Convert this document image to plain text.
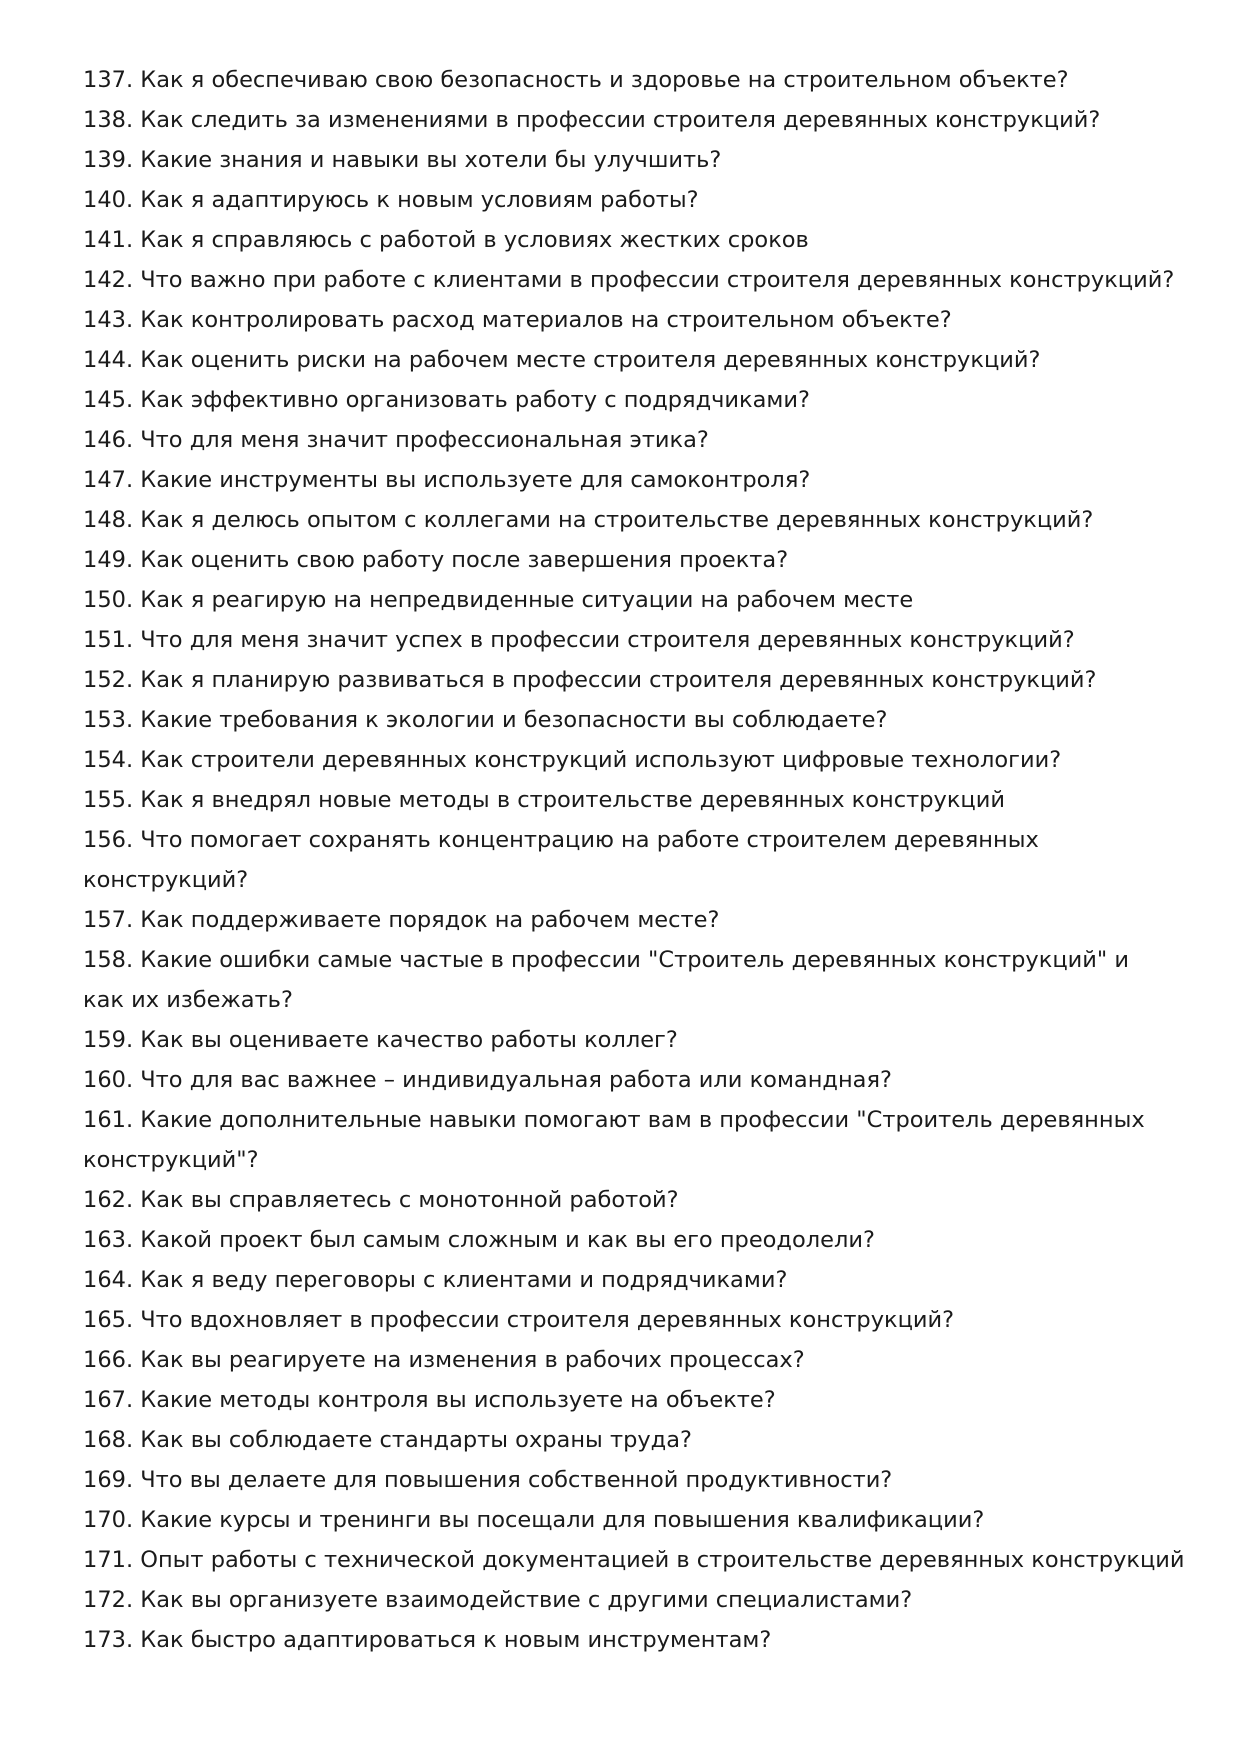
137. Как я обеспечиваю свою безопасность и здоровье на строительном объекте?
138. Как следить за изменениями в профессии строителя деревянных конструкций?
139. Какие знания и навыки вы хотели бы улучшить?
140. Как я адаптируюсь к новым условиям работы?
141. Как я справляюсь с работой в условиях жестких сроков
142. Что важно при работе с клиентами в профессии строителя деревянных конструкций?
143. Как контролировать расход материалов на строительном объекте?
144. Как оценить риски на рабочем месте строителя деревянных конструкций?
145. Как эффективно организовать работу с подрядчиками?
146. Что для меня значит профессиональная этика?
147. Какие инструменты вы используете для самоконтроля?
148. Как я делюсь опытом с коллегами на строительстве деревянных конструкций?
149. Как оценить свою работу после завершения проекта?
150. Как я реагирую на непредвиденные ситуации на рабочем месте
151. Что для меня значит успех в профессии строителя деревянных конструкций?
152. Как я планирую развиваться в профессии строителя деревянных конструкций?
153. Какие требования к экологии и безопасности вы соблюдаете?
154. Как строители деревянных конструкций используют цифровые технологии?
155. Как я внедрял новые методы в строительстве деревянных конструкций
156. Что помогает сохранять концентрацию на работе строителем деревянных конструкций?
157. Как поддерживаете порядок на рабочем месте?
158. Какие ошибки самые частые в профессии "Строитель деревянных конструкций" и как их избежать?
159. Как вы оцениваете качество работы коллег?
160. Что для вас важнее – индивидуальная работа или командная?
161. Какие дополнительные навыки помогают вам в профессии "Строитель деревянных конструкций"?
162. Как вы справляетесь с монотонной работой?
163. Какой проект был самым сложным и как вы его преодолели?
164. Как я веду переговоры с клиентами и подрядчиками?
165. Что вдохновляет в профессии строителя деревянных конструкций?
166. Как вы реагируете на изменения в рабочих процессах?
167. Какие методы контроля вы используете на объекте?
168. Как вы соблюдаете стандарты охраны труда?
169. Что вы делаете для повышения собственной продуктивности?
170. Какие курсы и тренинги вы посещали для повышения квалификации?
171. Опыт работы с технической документацией в строительстве деревянных конструкций
172. Как вы организуете взаимодействие с другими специалистами?
173. Как быстро адаптироваться к новым инструментам?
